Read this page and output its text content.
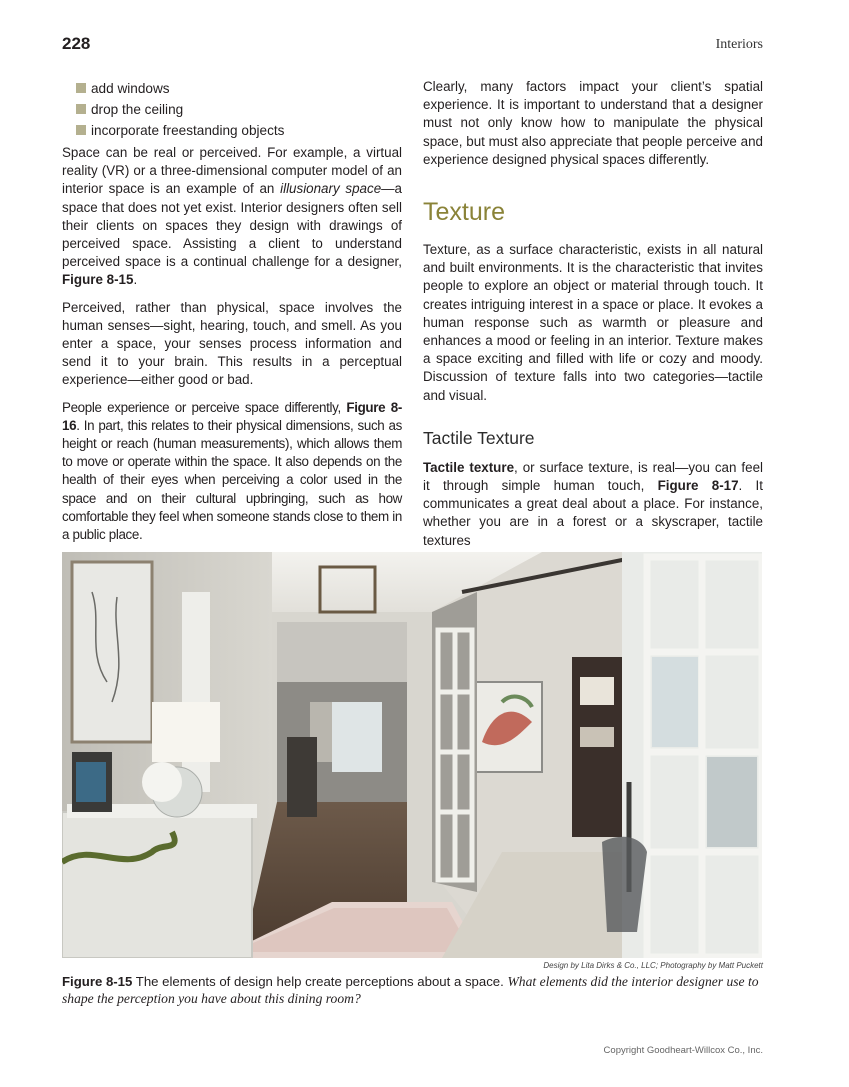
228	Interiors
add windows
drop the ceiling
incorporate freestanding objects

Space can be real or perceived. For example, a virtual reality (VR) or a three-dimensional computer model of an interior space is an example of an illusionary space—a space that does not yet exist. Interior designers often sell their clients on spaces they design with drawings of perceived space. Assisting a client to understand perceived space is a continual challenge for a designer, Figure 8-15.

Perceived, rather than physical, space involves the human senses—sight, hearing, touch, and smell. As you enter a space, your senses process information and send it to your brain. This results in a perceptual experience—either good or bad.

People experience or perceive space differently, Figure 8-16. In part, this relates to their physical dimensions, such as height or reach (human measurements), which allows them to move or operate within the space. It also depends on the health of their eyes when perceiving a color used in the space and on their cultural upbringing, such as how comfortable they feel when someone stands close to them in a public place.

Clearly, many factors impact your client’s spatial experience. It is important to understand that a designer must not only know how to manipulate the physical space, but must also appreciate that people perceive and experience designed physical spaces differently.

Texture

Texture, as a surface characteristic, exists in all natural and built environments. It is the characteristic that invites people to explore an object or material through touch. It creates intriguing interest in a space or place. It evokes a human response such as warmth or pleasure and enhances a mood or feeling in an interior. Texture makes a space exciting and filled with life or cozy and moody. Discussion of texture falls into two categories—tactile and visual.

Tactile Texture

Tactile texture, or surface texture, is real—you can feel it through simple human touch, Figure 8-17. It communicates a great deal about a place. For instance, whether you are in a forest or a skyscraper, tactile textures

Design by Lita Dirks & Co., LLC; Photography by Matt Puckett
Figure 8-15 The elements of design help create perceptions about a space. What elements did the interior designer use to shape the perception you have about this dining room?
Copyright Goodheart-Willcox Co., Inc.
